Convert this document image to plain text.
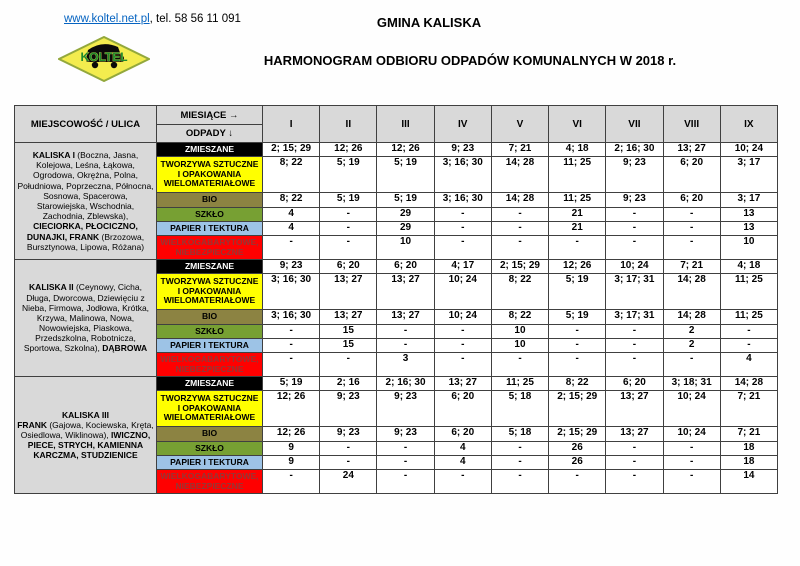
www.koltel.net.pl, tel. 58 56 11 091
KOLTEL
GMINA KALISKA
HARMONOGRAM ODBIORU ODPADÓW KOMUNALNYCH W 2018 r.
MIEJSCOWOŚĆ / ULICA	MIESIĄCE →	I	II	III	IV	V	VI	VII	VIII	IX
	ODPADY ↓									
KALISKA I (Boczna, Jasna, Kolejowa, Leśna, Łąkowa, Ogrodowa, Okrężna, Polna, Południowa, Poprzeczna, Północna, Sosnowa, Spacerowa, Starowiejska, Wschodnia, Zachodnia, Zblewska), CIECIORKA, PŁOCICZNO, DUNAJKI, FRANK (Brzozowa, Bursztynowa, Lipowa, Różana)	ZMIESZANE	2; 15; 29	12; 26	12; 26	9; 23	7; 21	4; 18	2; 16; 30	13; 27	10; 24
	TWORZYWA SZTUCZNE I OPAKOWANIA WIELOMATERIAŁOWE	8; 22	5; 19	5; 19	3; 16; 30	14; 28	11; 25	9; 23	6; 20	3; 17
	BIO	8; 22	5; 19	5; 19	3; 16; 30	14; 28	11; 25	9; 23	6; 20	3; 17
	SZKŁO	4	-	29	-	-	21	-	-	13
	PAPIER I TEKTURA	4	-	29	-	-	21	-	-	13
	WIELKOGABARYTOWE, NIEBEZPIECZNE	-	-	10	-	-	-	-	-	10
KALISKA II (Ceynowy, Cicha, Długa, Dworcowa, Dziewięciu z Nieba, Firmowa, Jodłowa, Krótka, Krzywa, Malinowa, Nowa, Nowowiejska, Piaskowa, Przedszkolna, Robotnicza, Sportowa, Szkolna), DĄBROWA	ZMIESZANE	9; 23	6; 20	6; 20	4; 17	2; 15; 29	12; 26	10; 24	7; 21	4; 18
	TWORZYWA SZTUCZNE I OPAKOWANIA WIELOMATERIAŁOWE	3; 16; 30	13; 27	13; 27	10; 24	8; 22	5; 19	3; 17; 31	14; 28	11; 25
	BIO	3; 16; 30	13; 27	13; 27	10; 24	8; 22	5; 19	3; 17; 31	14; 28	11; 25
	SZKŁO	-	15	-	-	10	-	-	2	-
	PAPIER I TEKTURA	-	15	-	-	10	-	-	2	-
	WIELKOGABARYTOWE, NIEBEZPIECZNE	-	-	3	-	-	-	-	-	4
KALISKA III
FRANK (Gajowa, Kociewska, Kręta, Osiedlowa, Wiklinowa), IWICZNO, PIECE, STRYCH, KAMIENNA KARCZMA, STUDZIENICE	ZMIESZANE	5; 19	2; 16	2; 16; 30	13; 27	11; 25	8; 22	6; 20	3; 18; 31	14; 28
	TWORZYWA SZTUCZNE I OPAKOWANIA WIELOMATERIAŁOWE	12; 26	9; 23	9; 23	6; 20	5; 18	2; 15; 29	13; 27	10; 24	7; 21
	BIO	12; 26	9; 23	9; 23	6; 20	5; 18	2; 15; 29	13; 27	10; 24	7; 21
	SZKŁO	9	-	-	4	-	26	-	-	18
	PAPIER I TEKTURA	9	-	-	4	-	26	-	-	18
	WIELKOGABARYTOWE, NIEBEZPIECZNE	-	24	-	-	-	-	-	-	14
